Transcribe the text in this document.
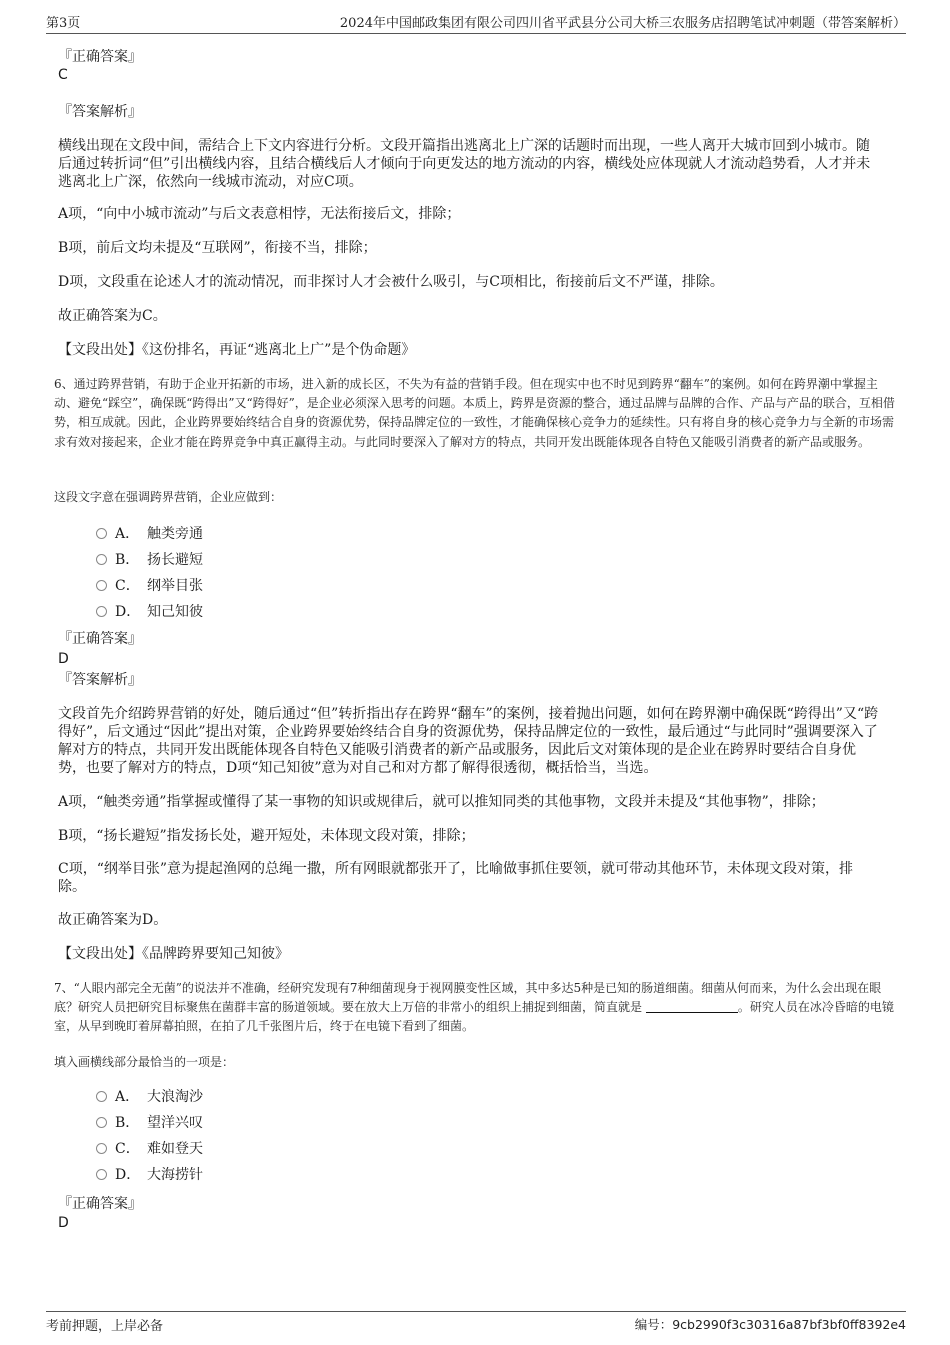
第3页	2024年中国邮政集团有限公司四川省平武县分公司大桥三农服务店招聘笔试冲刺题（带答案解析）

『正确答案』

C

『答案解析』

横线出现在文段中间，需结合上下文内容进行分析。文段开篇指出逃离北上广深的话题时而出现，一些人离开大城市回到小城市。随后通过转折词“但”引出横线内容，且结合横线后人才倾向于向更发达的地方流动的内容，横线处应体现就人才流动趋势看，人才并未逃离北上广深，依然向一线城市流动，对应C项。

A项，“向中小城市流动”与后文表意相悖，无法衔接后文，排除；

B项，前后文均未提及“互联网”，衔接不当，排除；

D项，文段重在论述人才的流动情况，而非探讨人才会被什么吸引，与C项相比，衔接前后文不严谨，排除。

故正确答案为C。

【文段出处】《这份排名，再证“逃离北上广”是个伪命题》

6、通过跨界营销，有助于企业开拓新的市场，进入新的成长区，不失为有益的营销手段。但在现实中也不时见到跨界“翻车”的案例。如何在跨界潮中掌握主动、避免“踩空”，确保既“跨得出”又“跨得好”，是企业必须深入思考的问题。本质上，跨界是资源的整合，通过品牌与品牌的合作、产品与产品的联合，互相借势，相互成就。因此，企业跨界要始终结合自身的资源优势，保持品牌定位的一致性，才能确保核心竞争力的延续性。只有将自身的核心竞争力与全新的市场需求有效对接起来，企业才能在跨界竞争中真正赢得主动。与此同时要深入了解对方的特点，共同开发出既能体现各自特色又能吸引消费者的新产品或服务。

这段文字意在强调跨界营销，企业应做到：

A． 触类旁通
B． 扬长避短
C． 纲举目张
D． 知己知彼

『正确答案』

D

『答案解析』

文段首先介绍跨界营销的好处，随后通过“但”转折指出存在跨界“翻车”的案例，接着抛出问题，如何在跨界潮中确保既“跨得出”又“跨得好”，后文通过“因此”提出对策，企业跨界要始终结合自身的资源优势，保持品牌定位的一致性，最后通过“与此同时”强调要深入了解对方的特点，共同开发出既能体现各自特色又能吸引消费者的新产品或服务，因此后文对策体现的是企业在跨界时要结合自身优势，也要了解对方的特点，D项“知己知彼”意为对自己和对方都了解得很透彻，概括恰当，当选。

A项，“触类旁通”指掌握或懂得了某一事物的知识或规律后，就可以推知同类的其他事物，文段并未提及“其他事物”，排除；

B项，“扬长避短”指发扬长处，避开短处，未体现文段对策，排除；

C项，“纲举目张”意为提起渔网的总绳一撒，所有网眼就都张开了，比喻做事抓住要领，就可带动其他环节，未体现文段对策，排除。

故正确答案为D。

【文段出处】《品牌跨界要知己知彼》

7、“人眼内部完全无菌”的说法并不准确，经研究发现有7种细菌现身于视网膜变性区域，其中多达5种是已知的肠道细菌。细菌从何而来，为什么会出现在眼底？研究人员把研究目标聚焦在菌群丰富的肠道领域。要在放大上万倍的非常小的组织上捕捉到细菌，简直就是	。研究人员在冰冷昏暗的电镜室，从早到晚盯着屏幕拍照，在拍了几千张图片后，终于在电镜下看到了细菌。

填入画横线部分最恰当的一项是：

A． 大浪淘沙
B． 望洋兴叹
C． 难如登天
D． 大海捞针

『正确答案』

D

考前押题，上岸必备	编号：9cb2990f3c30316a87bf3bf0ff8392e4
